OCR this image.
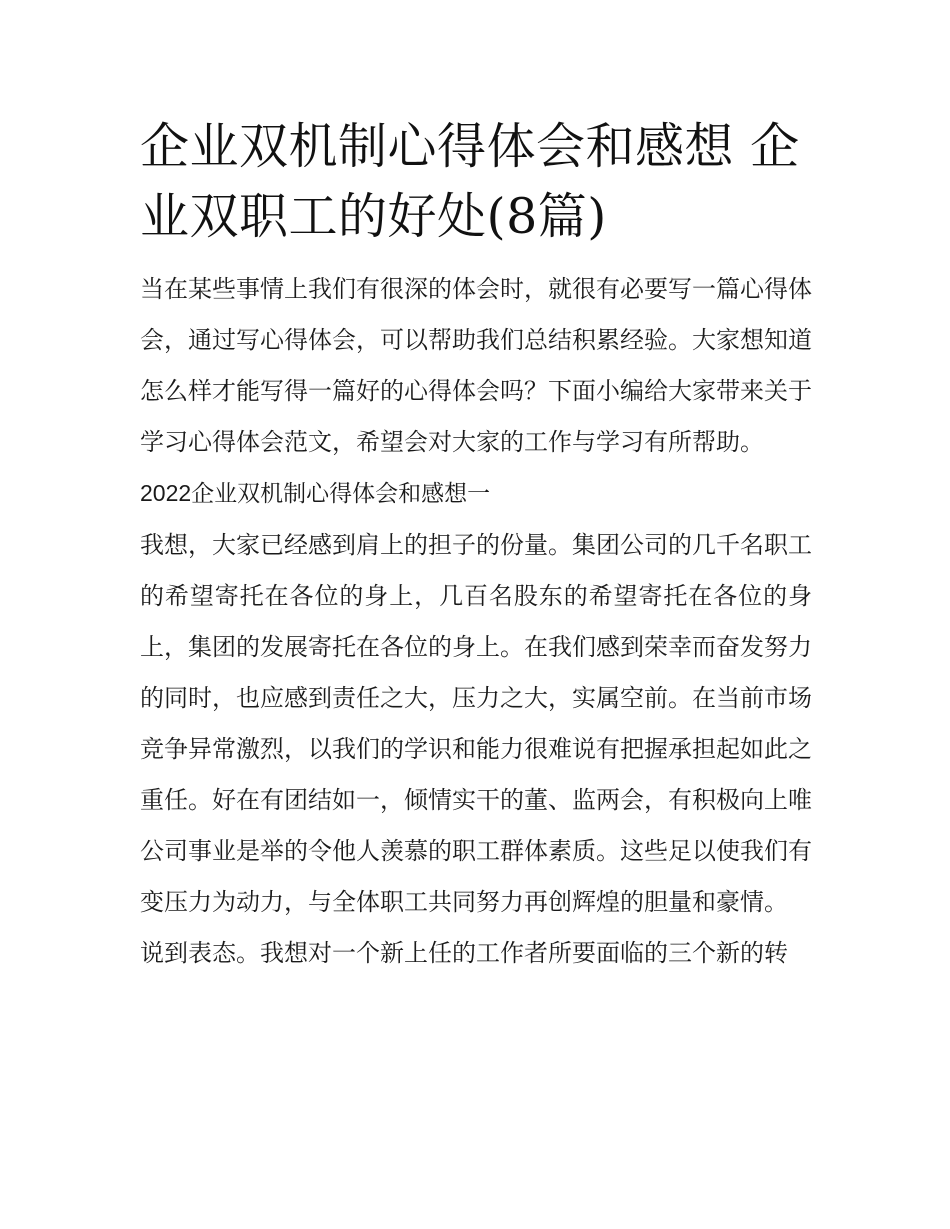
企业双机制心得体会和感想 企业双职工的好处(8篇)

当在某些事情上我们有很深的体会时，就很有必要写一篇心得体会，通过写心得体会，可以帮助我们总结积累经验。大家想知道怎么样才能写得一篇好的心得体会吗？下面小编给大家带来关于学习心得体会范文，希望会对大家的工作与学习有所帮助。

2022企业双机制心得体会和感想一

我想，大家已经感到肩上的担子的份量。集团公司的几千名职工的希望寄托在各位的身上，几百名股东的希望寄托在各位的身上，集团的发展寄托在各位的身上。在我们感到荣幸而奋发努力的同时，也应感到责任之大，压力之大，实属空前。在当前市场竞争异常激烈，以我们的学识和能力很难说有把握承担起如此之重任。好在有团结如一，倾情实干的董、监两会，有积极向上唯公司事业是举的令他人羡慕的职工群体素质。这些足以使我们有变压力为动力，与全体职工共同努力再创辉煌的胆量和豪情。

说到表态。我想对一个新上任的工作者所要面临的三个新的转
